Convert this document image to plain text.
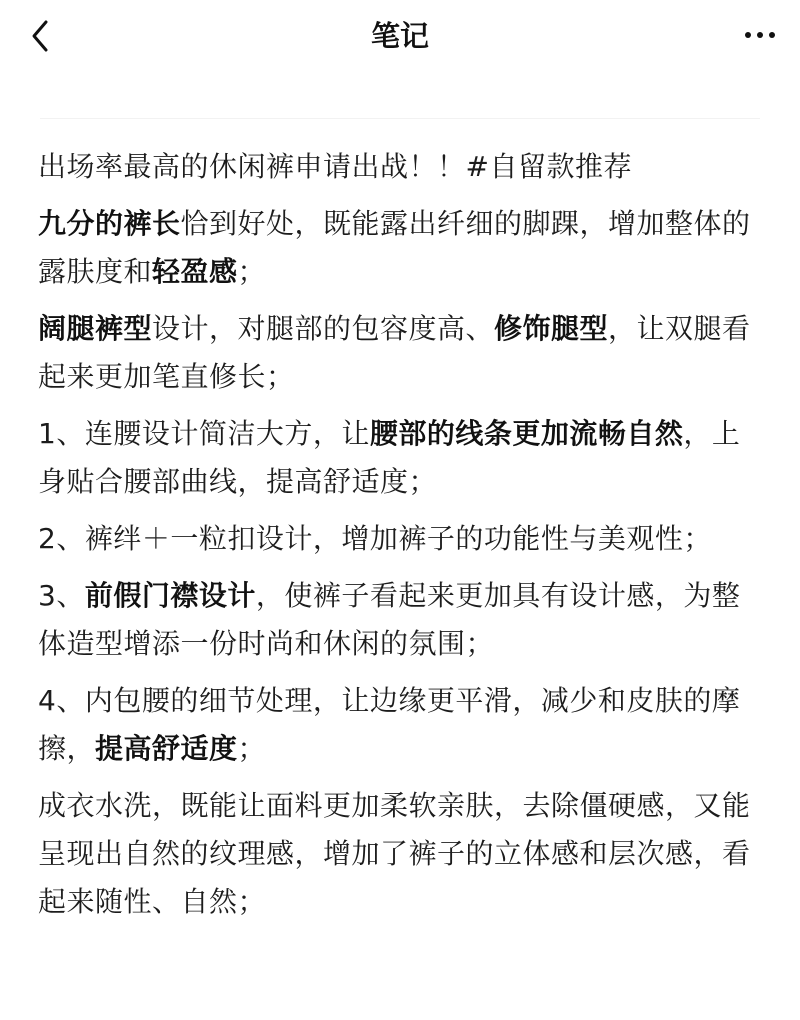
笔记

出场率最高的休闲裤申请出战！！#自留款推荐

九分的裤长恰到好处，既能露出纤细的脚踝，增加整体的露肤度和轻盈感；

阔腿裤型设计，对腿部的包容度高、修饰腿型，让双腿看起来更加笔直修长；

1、连腰设计简洁大方，让腰部的线条更加流畅自然，上身贴合腰部曲线，提高舒适度；

2、裤绊＋一粒扣设计，增加裤子的功能性与美观性；

3、前假门襟设计，使裤子看起来更加具有设计感，为整体造型增添一份时尚和休闲的氛围；

4、内包腰的细节处理，让边缘更平滑，减少和皮肤的摩擦，提高舒适度；

成衣水洗，既能让面料更加柔软亲肤，去除僵硬感，又能呈现出自然的纹理感，增加了裤子的立体感和层次感，看起来随性、自然；
